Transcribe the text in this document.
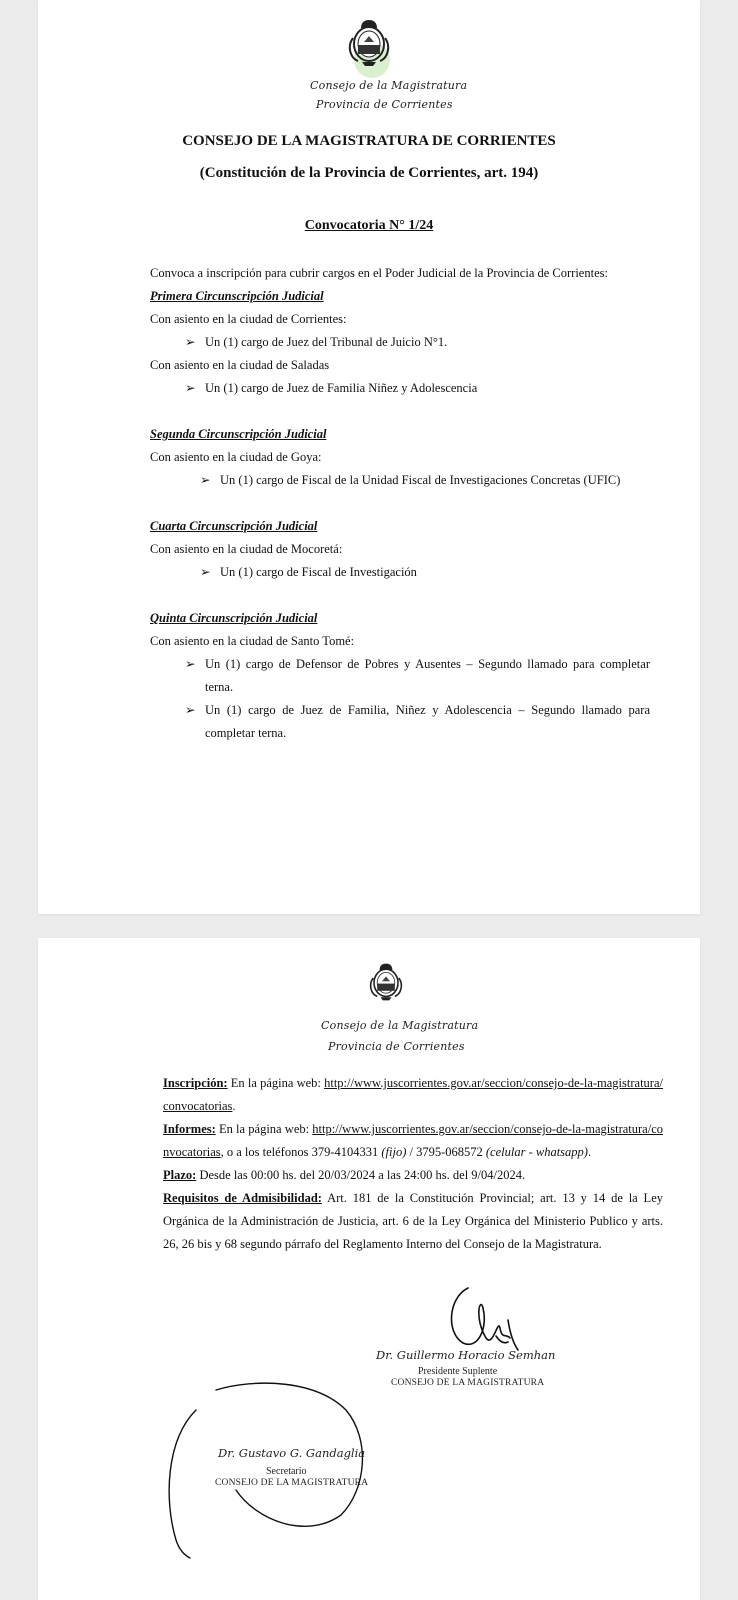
Consejo de la Magistratura
Provincia de Corrientes
CONSEJO DE LA MAGISTRATURA DE CORRIENTES
(Constitución de la Provincia de Corrientes, art. 194)
Convocatoria N° 1/24

Convoca a inscripción para cubrir cargos en el Poder Judicial de la Provincia de Corrientes:

Primera Circunscripción Judicial

Con asiento en la ciudad de Corrientes:

➢ Un (1) cargo de Juez del Tribunal de Juicio N°1.

Con asiento en la ciudad de Saladas

➢ Un (1) cargo de Juez de Familia Niñez y Adolescencia

Segunda Circunscripción Judicial

Con asiento en la ciudad de Goya:

➢ Un (1) cargo de Fiscal de la Unidad Fiscal de Investigaciones Concretas (UFIC)

Cuarta Circunscripción Judicial

Con asiento en la ciudad de Mocoretá:

➢ Un (1) cargo de Fiscal de Investigación

Quinta Circunscripción Judicial

Con asiento en la ciudad de Santo Tomé:

➢ Un (1) cargo de Defensor de Pobres y Ausentes – Segundo llamado para completar terna.
➢ Un (1) cargo de Juez de Familia, Niñez y Adolescencia – Segundo llamado para completar terna.
Consejo de la Magistratura
Provincia de Corrientes

Inscripción: En la página web: http://www.juscorrientes.gov.ar/seccion/consejo-de-la-magistratura/convocatorias.

Informes: En la página web: http://www.juscorrientes.gov.ar/seccion/consejo-de-la-magistratura/convocatorias, o a los teléfonos 379-4104331 (fijo) / 3795-068572 (celular - whatsapp).

Plazo: Desde las 00:00 hs. del 20/03/2024 a las 24:00 hs. del 9/04/2024.

Requisitos de Admisibilidad: Art. 181 de la Constitución Provincial; art. 13 y 14 de la Ley Orgánica de la Administración de Justicia, art. 6 de la Ley Orgánica del Ministerio Publico y arts. 26, 26 bis y 68 segundo párrafo del Reglamento Interno del Consejo de la Magistratura.

Dr. Guillermo Horacio Semhan
Presidente Suplente
CONSEJO DE LA MAGISTRATURA
Dr. Gustavo G. Gandaglia
Secretario
CONSEJO DE LA MAGISTRATURA
